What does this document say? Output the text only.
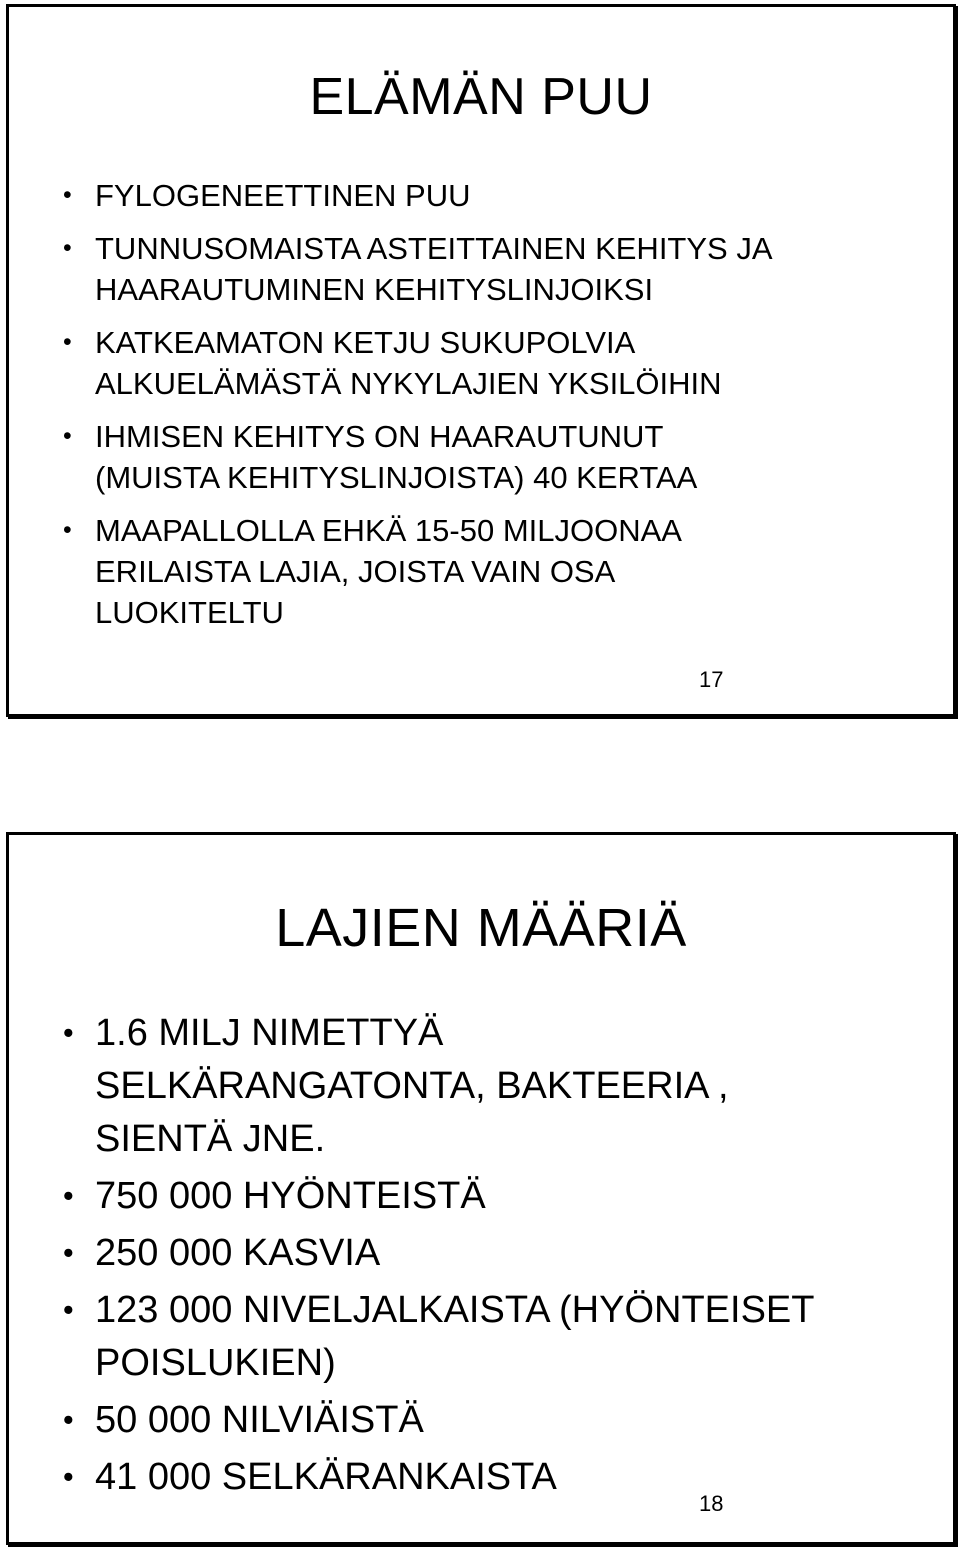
ELÄMÄN PUU
• FYLOGENEETTINEN PUU
• TUNNUSOMAISTA ASTEITTAINEN KEHITYS JA
HAARAUTUMINEN KEHITYSLINJOIKSI
• KATKEAMATON KETJU SUKUPOLVIA
ALKUELÄMÄSTÄ NYKYLAJIEN YKSILÖIHIN
• IHMISEN KEHITYS ON HAARAUTUNUT
(MUISTA KEHITYSLINJOISTA) 40 KERTAA
• MAAPALLOLLA EHKÄ 15-50 MILJOONAA
ERILAISTA LAJIA, JOISTA VAIN OSA
LUOKITELTU
17
LAJIEN MÄÄRIÄ
• 1.6 MILJ NIMETTYÄ
SELKÄRANGATONTA, BAKTEERIA ,
SIENTÄ JNE.
• 750 000 HYÖNTEISTÄ
• 250 000 KASVIA
• 123 000 NIVELJALKAISTA (HYÖNTEISET
POISLUKIEN)
• 50 000 NILVIÄISTÄ
• 41 000 SELKÄRANKAISTA
18
